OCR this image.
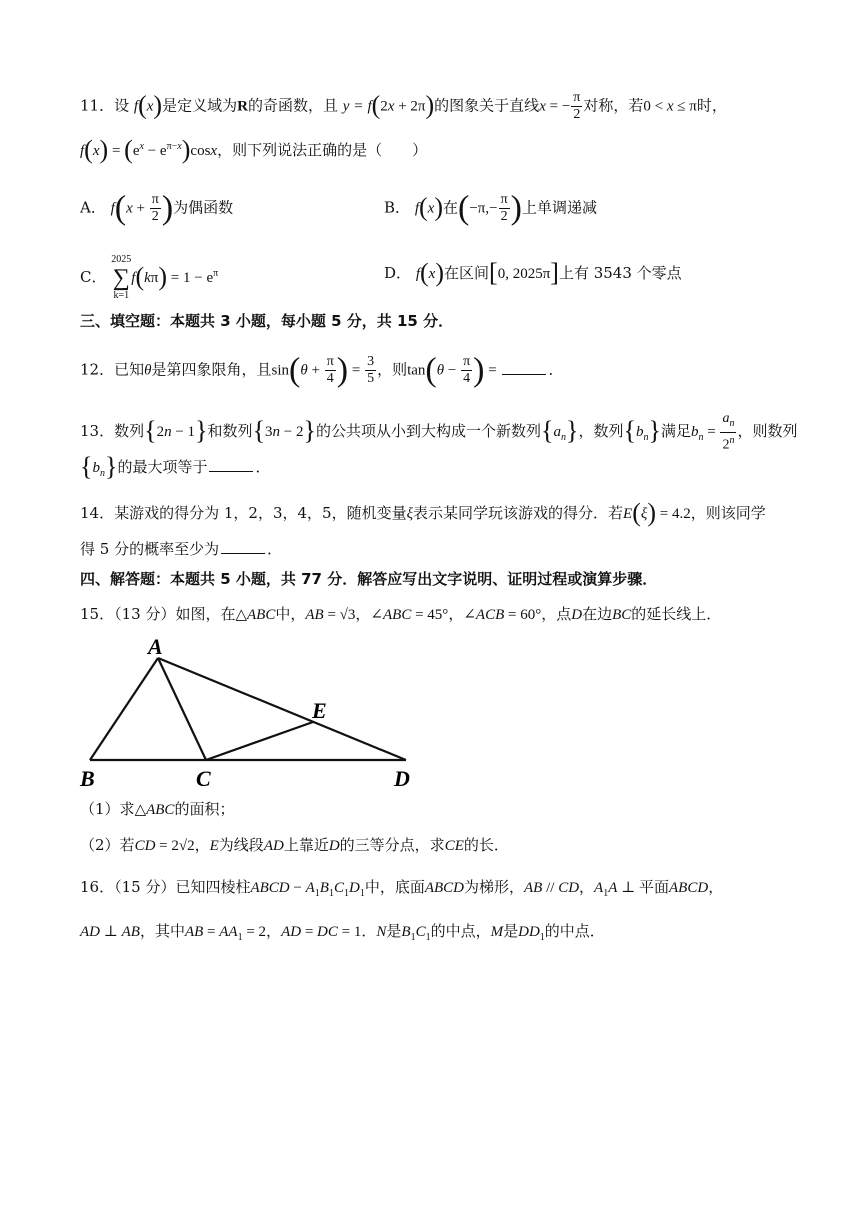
11．设 f(x)是定义域为R的奇函数，且 y = f(2x + 2π)的图象关于直线x = − $\frac{\pi}{2}$ 对称，若0 < x ≤ π时，
$f(x) = (e^x - e^{\pi-x})\cos x$，则下列说法正确的是（　　）
A． $f(x + \frac{\pi}{2}$ )为偶函数	B． f(x)在($-\pi,- \frac{\pi}{2}$ )上单调递减
C．
2025
∑
k=1
$f(k\pi) = 1 - e^\pi$	D． f(x)在区间[0, 2025π]上有 3543 个零点
三、填空题：本题共 3 小题，每小题 5 分，共 15 分．
12．已知θ是第四象限角，且$\sin(\theta + \frac{\pi}{4}$ ) = $\frac{3}{5}$ ，则$\tan(\theta - \frac{\pi}{4}$ ) =	．
13．数列{2n − 1}和数列{3n − 2}的公共项从小到大构成一个新数列$\{a_n\}$，数列$\{b_n\}$满足$b_n = \frac{a_n}{2^n}$ ，则数列
$\{b_n\}$的最大项等于	．
14．某游戏的得分为 1，2，3，4，5，随机变量ξ表示某同学玩该游戏的得分．若E(ξ) = 4.2，则该同学
得 5 分的概率至少为	．
四、解答题：本题共 5 小题，共 77 分．解答应写出文字说明、证明过程或演算步骤．
15．（13 分）如图，在△ABC中，AB = √3，∠ABC = 45°，∠ACB = 60°，点D在边BC的延长线上．
A
B	C	D
E
（1）求△ABC的面积；
（2）若CD = 2√2，E为线段AD上靠近D的三等分点，求CE的长．
16．（15 分）已知四棱柱ABCD − $A_1B_1C_1D_1$中，底面ABCD为梯形，AB // CD，$A_1A$ ⊥ 平面ABCD，
AD ⊥ AB，其中AB = $AA_1 = 2$，AD = DC = 1．N是$B_1C_1$的中点，M是$DD_1$的中点．
